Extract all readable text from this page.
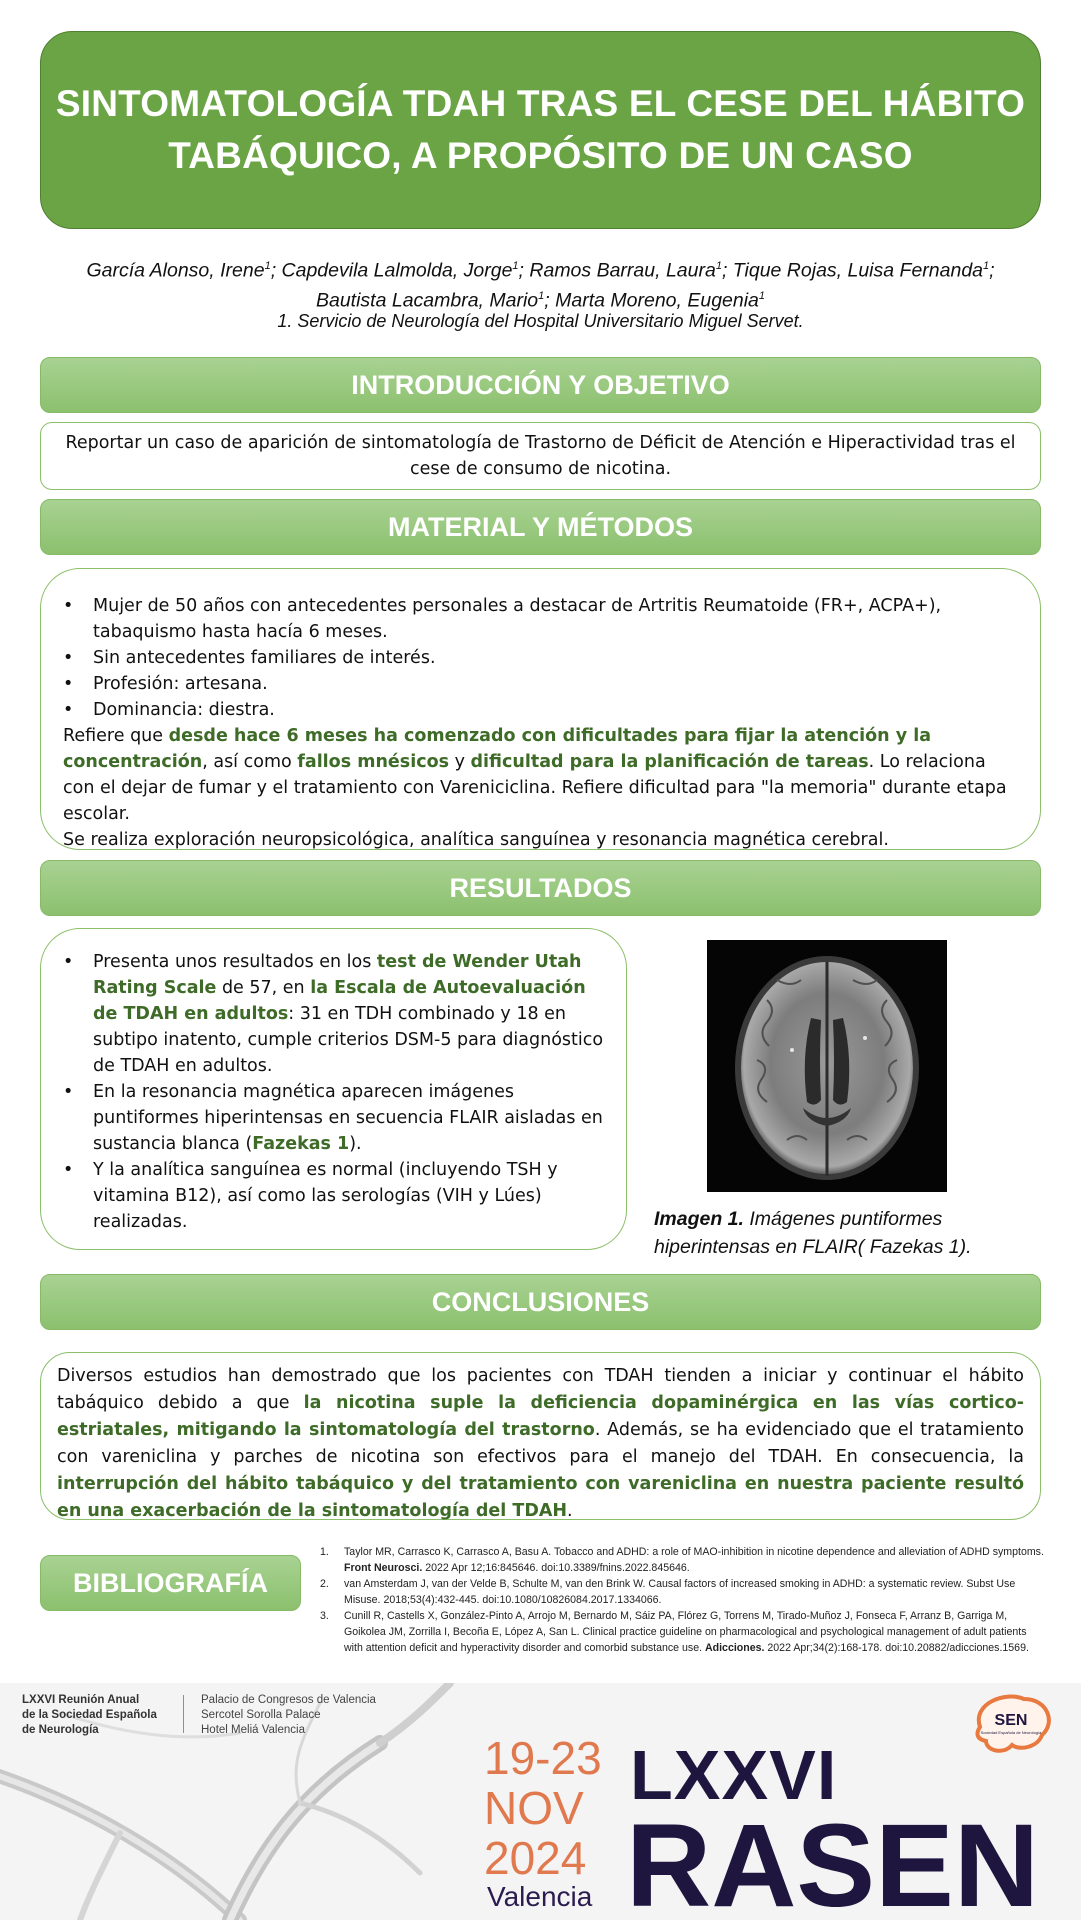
SINTOMATOLOGÍA TDAH TRAS EL CESE DEL HÁBITO
TABÁQUICO, A PROPÓSITO DE UN CASO
García Alonso, Irene$^1$; Capdevila Lalmolda, Jorge$^1$; Ramos Barrau, Laura$^1$; Tique Rojas, Luisa Fernanda$^1$;
Bautista Lacambra, Mario$^1$; Marta Moreno, Eugenia$^1$
1. Servicio de Neurología del Hospital Universitario Miguel Servet.
INTRODUCCIÓN Y OBJETIVO
Reportar un caso de aparición de sintomatología de Trastorno de Déficit de Atención e Hiperactividad tras el cese de consumo de nicotina.
MATERIAL Y MÉTODOS
• Mujer de 50 años con antecedentes personales a destacar de Artritis Reumatoide (FR+, ACPA+), tabaquismo hasta hacía 6 meses.
• Sin antecedentes familiares de interés.
• Profesión: artesana.
• Dominancia: diestra.
Refiere que desde hace 6 meses ha comenzado con dificultades para fijar la atención y la concentración, así como fallos mnésicos y dificultad para la planificación de tareas. Lo relaciona con el dejar de fumar y el tratamiento con Vareniciclina. Refiere dificultad para "la memoria" durante etapa escolar.
Se realiza exploración neuropsicológica, analítica sanguínea y resonancia magnética cerebral.
RESULTADOS
• Presenta unos resultados en los test de Wender Utah Rating Scale de 57, en la Escala de Autoevaluación de TDAH en adultos: 31 en TDH combinado y 18 en subtipo inatento, cumple criterios DSM-5 para diagnóstico de TDAH en adultos.
• En la resonancia magnética aparecen imágenes puntiformes hiperintensas en secuencia FLAIR aisladas en sustancia blanca (Fazekas 1).
• Y la analítica sanguínea es normal (incluyendo TSH y vitamina B12), así como las serologías (VIH y Lúes) realizadas.	Imagen 1. Imágenes puntiformes hiperintensas en FLAIR( Fazekas 1).
CONCLUSIONES
Diversos estudios han demostrado que los pacientes con TDAH tienden a iniciar y continuar el hábito tabáquico debido a que la nicotina suple la deficiencia dopaminérgica en las vías cortico-estriatales, mitigando la sintomatología del trastorno. Además, se ha evidenciado que el tratamiento con vareniclina y parches de nicotina son efectivos para el manejo del TDAH. En consecuencia, la interrupción del hábito tabáquico y del tratamiento con vareniclina en nuestra paciente resultó en una exacerbación de la sintomatología del TDAH.
BIBLIOGRAFÍA
1. Taylor MR, Carrasco K, Carrasco A, Basu A. Tobacco and ADHD: a role of MAO-inhibition in nicotine dependence and alleviation of ADHD symptoms. Front Neurosci. 2022 Apr 12;16:845646. doi:10.3389/fnins.2022.845646.
2. van Amsterdam J, van der Velde B, Schulte M, van den Brink W. Causal factors of increased smoking in ADHD: a systematic review. Subst Use Misuse. 2018;53(4):432-445. doi:10.1080/10826084.2017.1334066.
3. Cunill R, Castells X, González-Pinto A, Arrojo M, Bernardo M, Sáiz PA, Flórez G, Torrens M, Tirado-Muñoz J, Fonseca F, Arranz B, Garriga M, Goikolea JM, Zorrilla I, Becoña E, López A, San L. Clinical practice guideline on pharmacological and psychological management of adult patients with attention deficit and hyperactivity disorder and comorbid substance use. Adicciones. 2022 Apr;34(2):168-178. doi:10.20882/adicciones.1569.
LXXVI Reunión Anual
de la Sociedad Española
de Neurología
Palacio de Congresos de Valencia
Sercotel Sorolla Palace
Hotel Meliá Valencia
19-23
NOV
2024
Valencia
LXXVI
RASEN
SEN
Sociedad Española de Neurología
